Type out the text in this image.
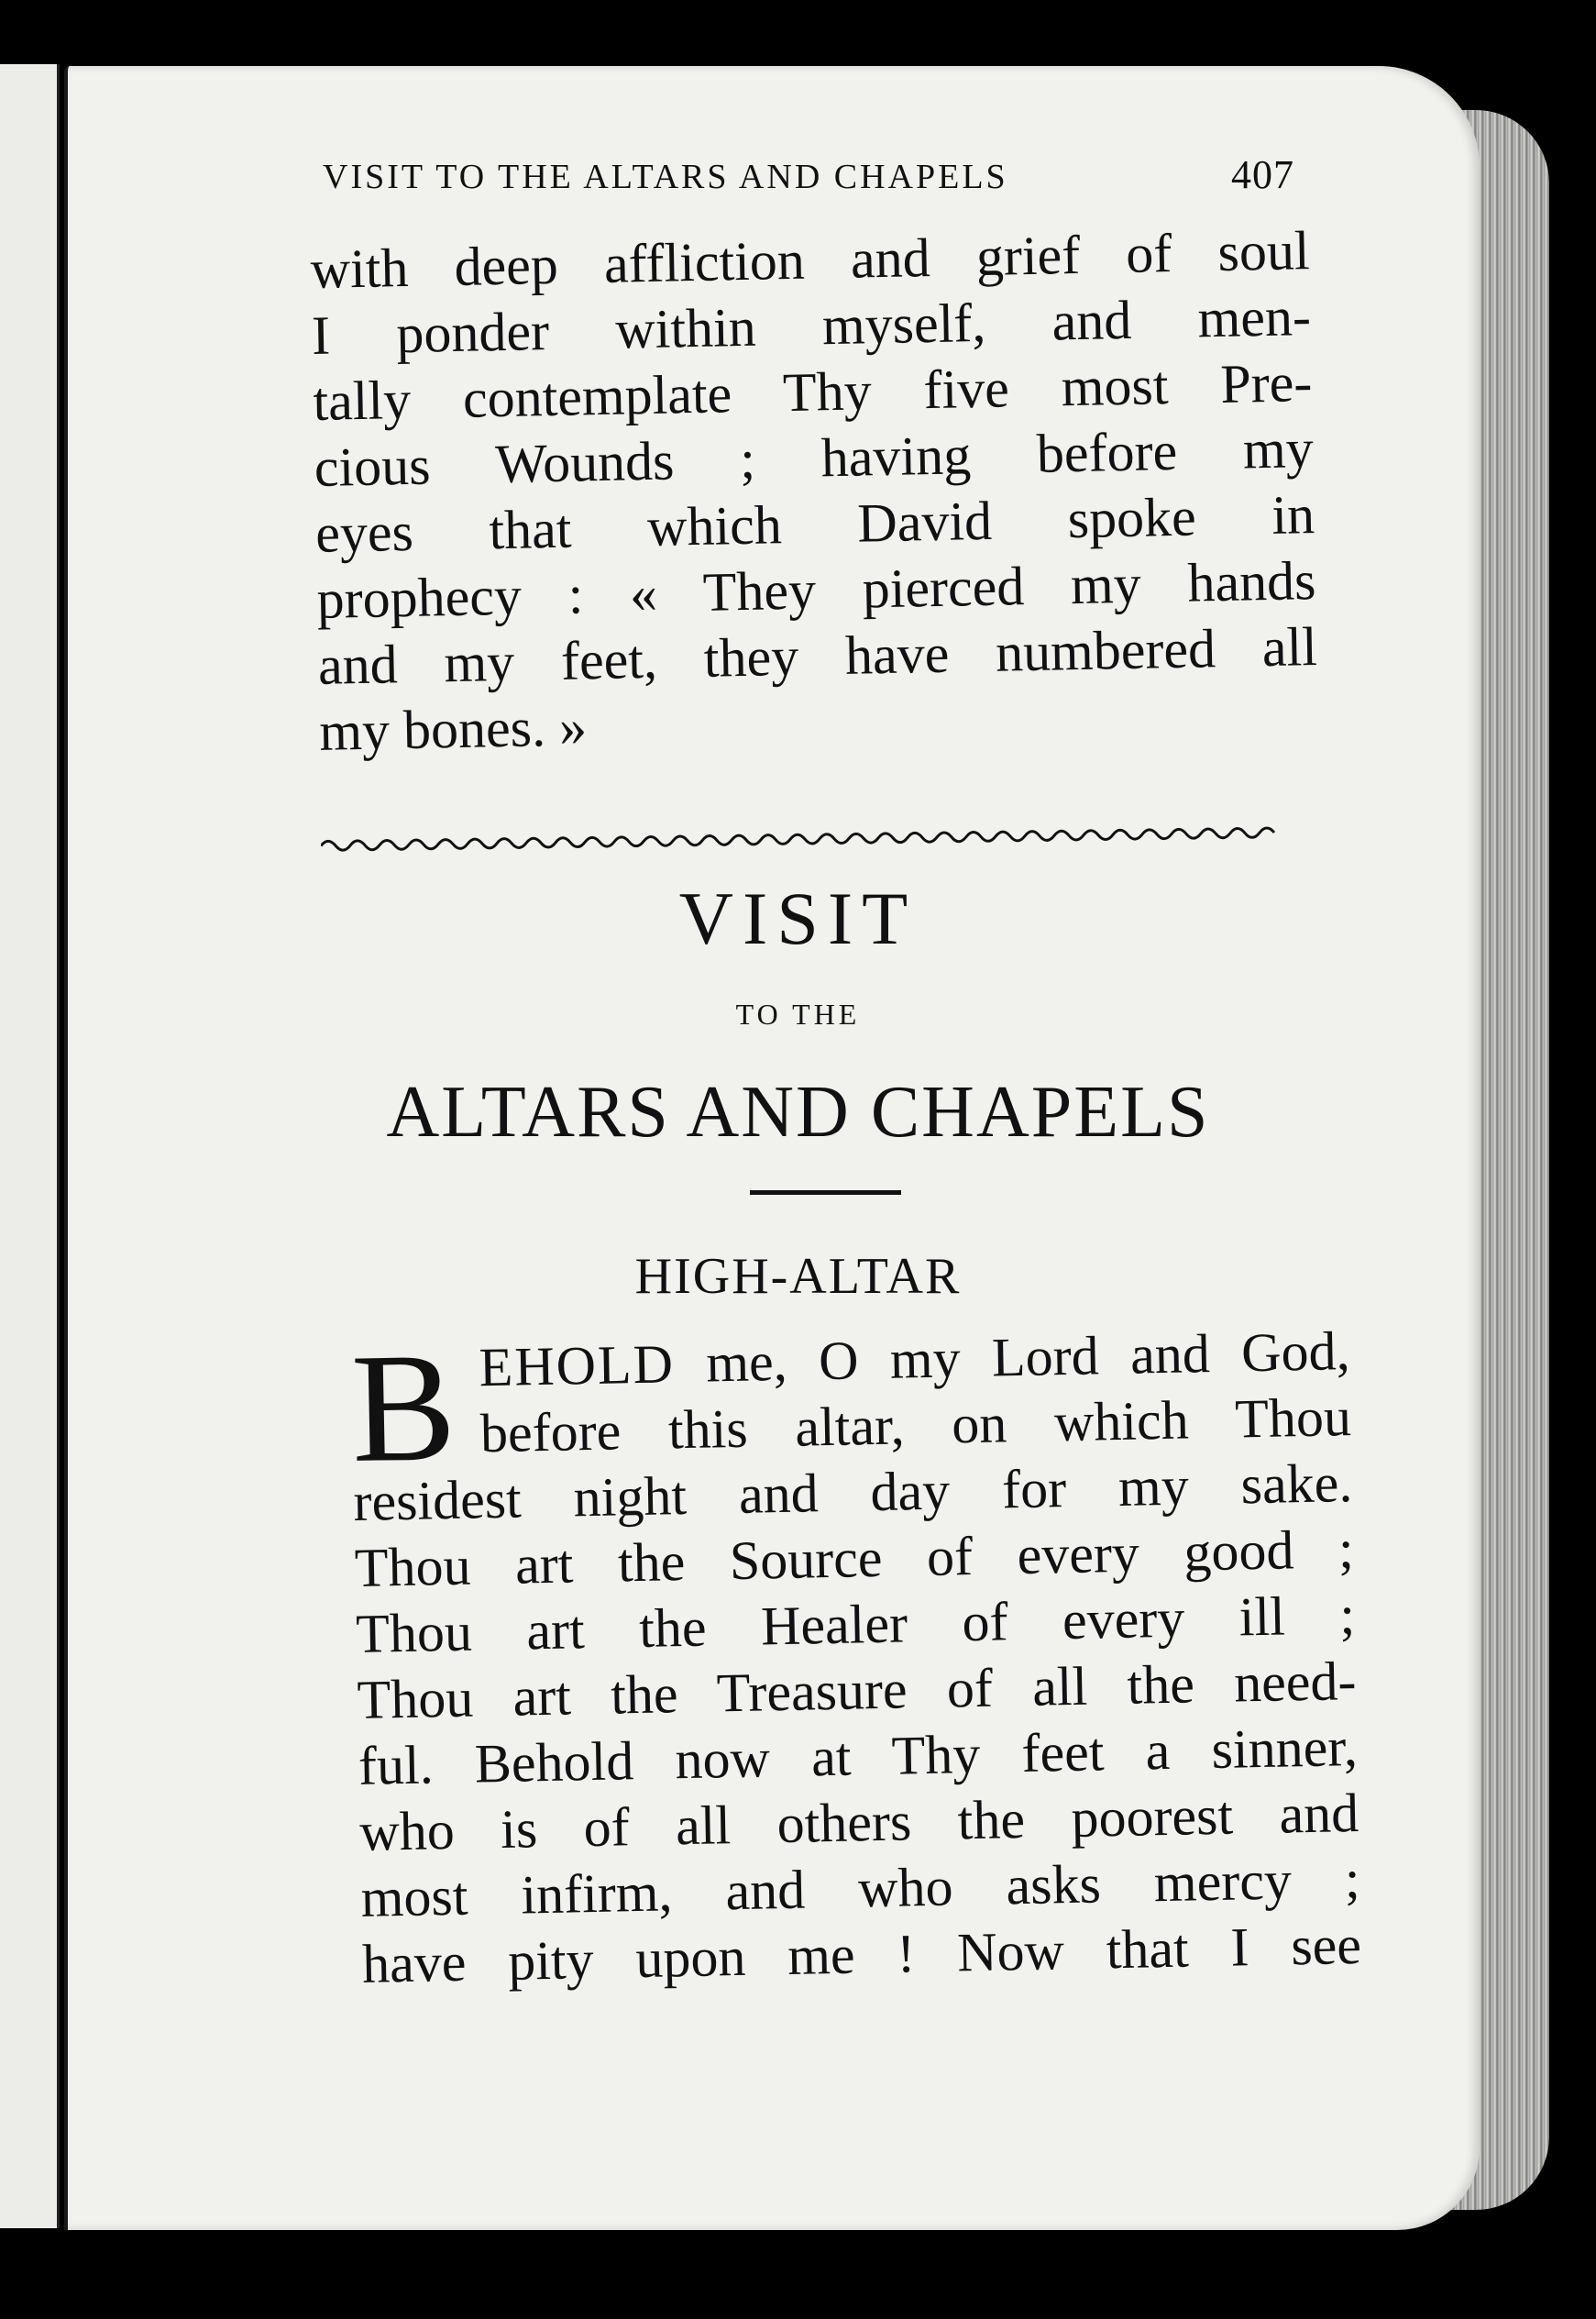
VISIT TO THE ALTARS AND CHAPELS	407
with deep affliction and grief of soul
I ponder within myself, and men-
tally contemplate Thy five most Pre-
cious Wounds ; having before my
eyes that which David spoke in
prophecy : « They pierced my hands
and my feet, they have numbered all
my bones. »
VISIT
TO THE
ALTARS AND CHAPELS
HIGH-ALTAR
B EHOLD me, O my Lord and God,
before this altar, on which Thou
residest night and day for my sake.
Thou art the Source of every good ;
Thou art the Healer of every ill ;
Thou art the Treasure of all the need-
ful. Behold now at Thy feet a sinner,
who is of all others the poorest and
most infirm, and who asks mercy ;
have pity upon me ! Now that I see
